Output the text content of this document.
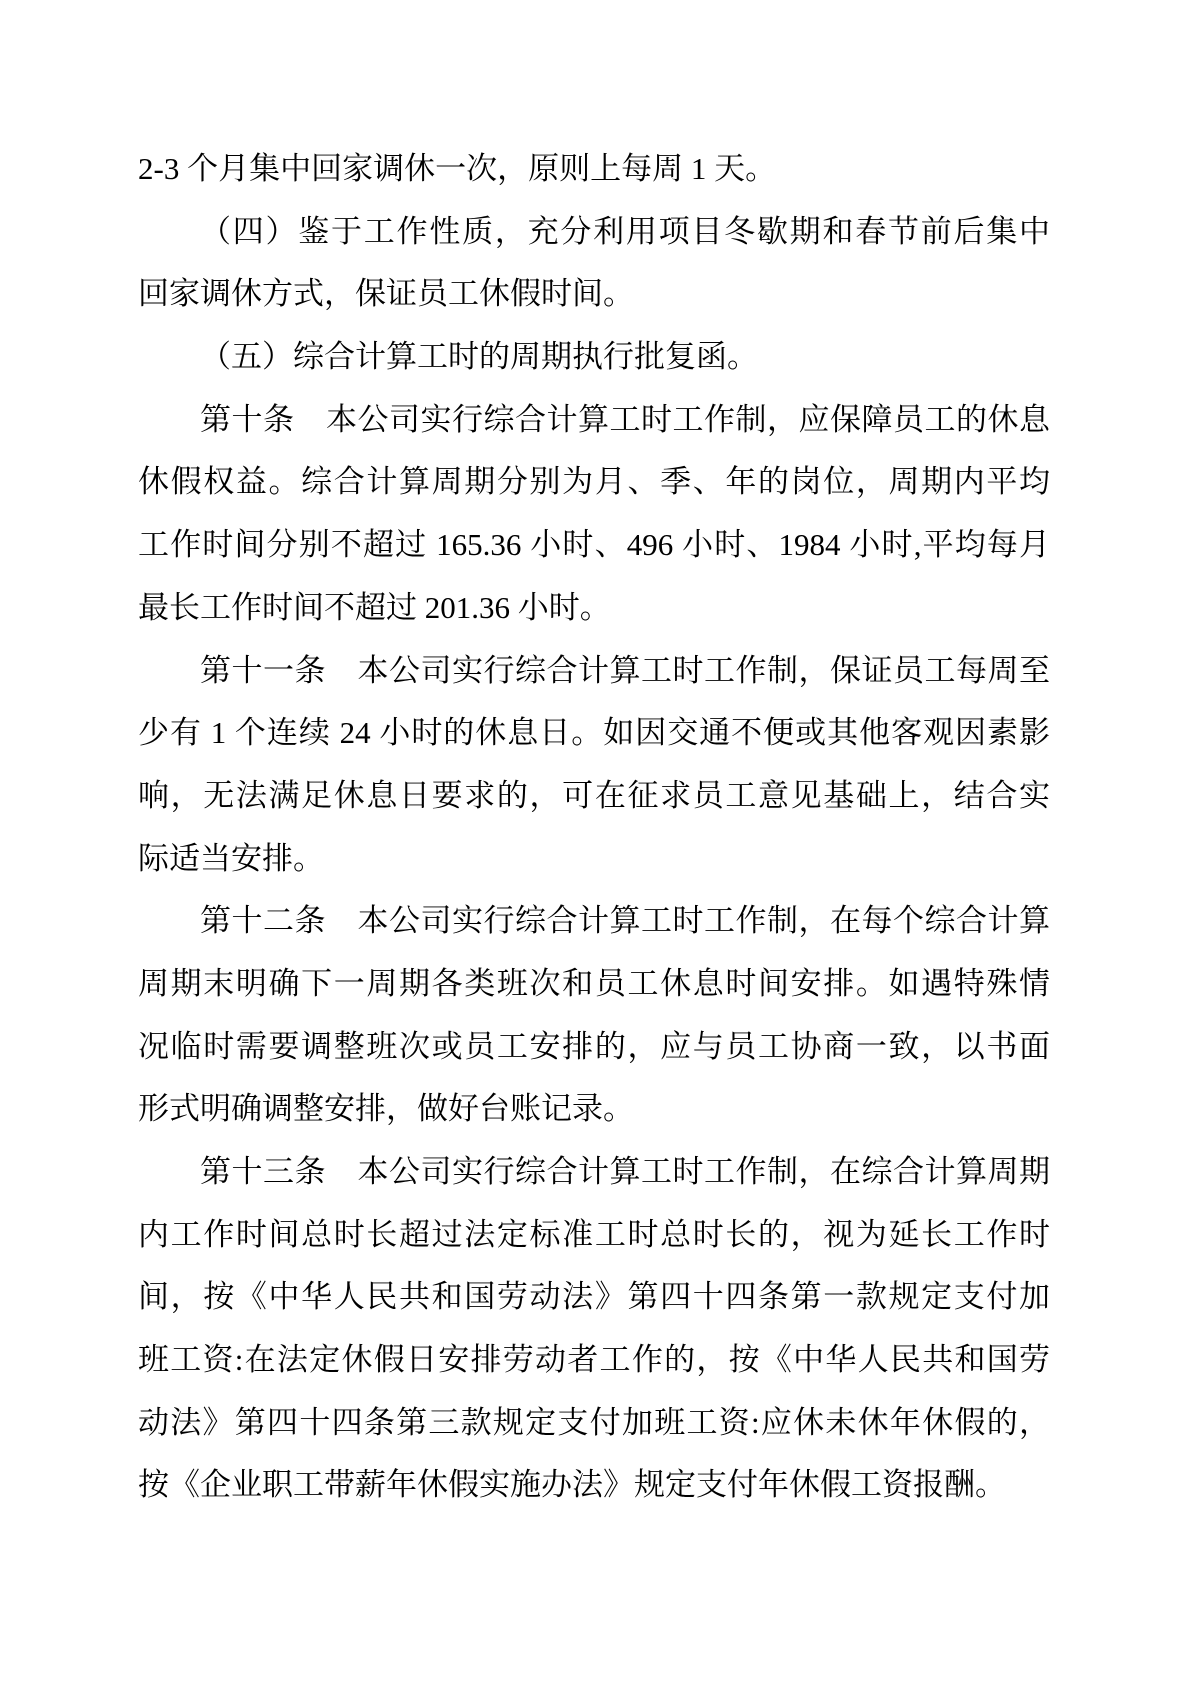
2-3 个月集中回家调休一次，原则上每周 1 天。
（四）鉴于工作性质，充分利用项目冬歇期和春节前后集中
回家调休方式，保证员工休假时间。
（五）综合计算工时的周期执行批复函。
第十条　本公司实行综合计算工时工作制，应保障员工的休息
休假权益。综合计算周期分别为月、季、年的岗位，周期内平均
工作时间分别不超过 165.36 小时、496 小时、1984 小时,平均每月
最长工作时间不超过 201.36 小时。
第十一条　本公司实行综合计算工时工作制，保证员工每周至
少有 1 个连续 24 小时的休息日。如因交通不便或其他客观因素影
响，无法满足休息日要求的，可在征求员工意见基础上，结合实
际适当安排。
第十二条　本公司实行综合计算工时工作制，在每个综合计算
周期末明确下一周期各类班次和员工休息时间安排。如遇特殊情
况临时需要调整班次或员工安排的，应与员工协商一致，以书面
形式明确调整安排，做好台账记录。
第十三条　本公司实行综合计算工时工作制，在综合计算周期
内工作时间总时长超过法定标准工时总时长的，视为延长工作时
间，按《中华人民共和国劳动法》第四十四条第一款规定支付加
班工资:在法定休假日安排劳动者工作的，按《中华人民共和国劳
动法》第四十四条第三款规定支付加班工资:应休未休年休假的，
按《企业职工带薪年休假实施办法》规定支付年休假工资报酬。
